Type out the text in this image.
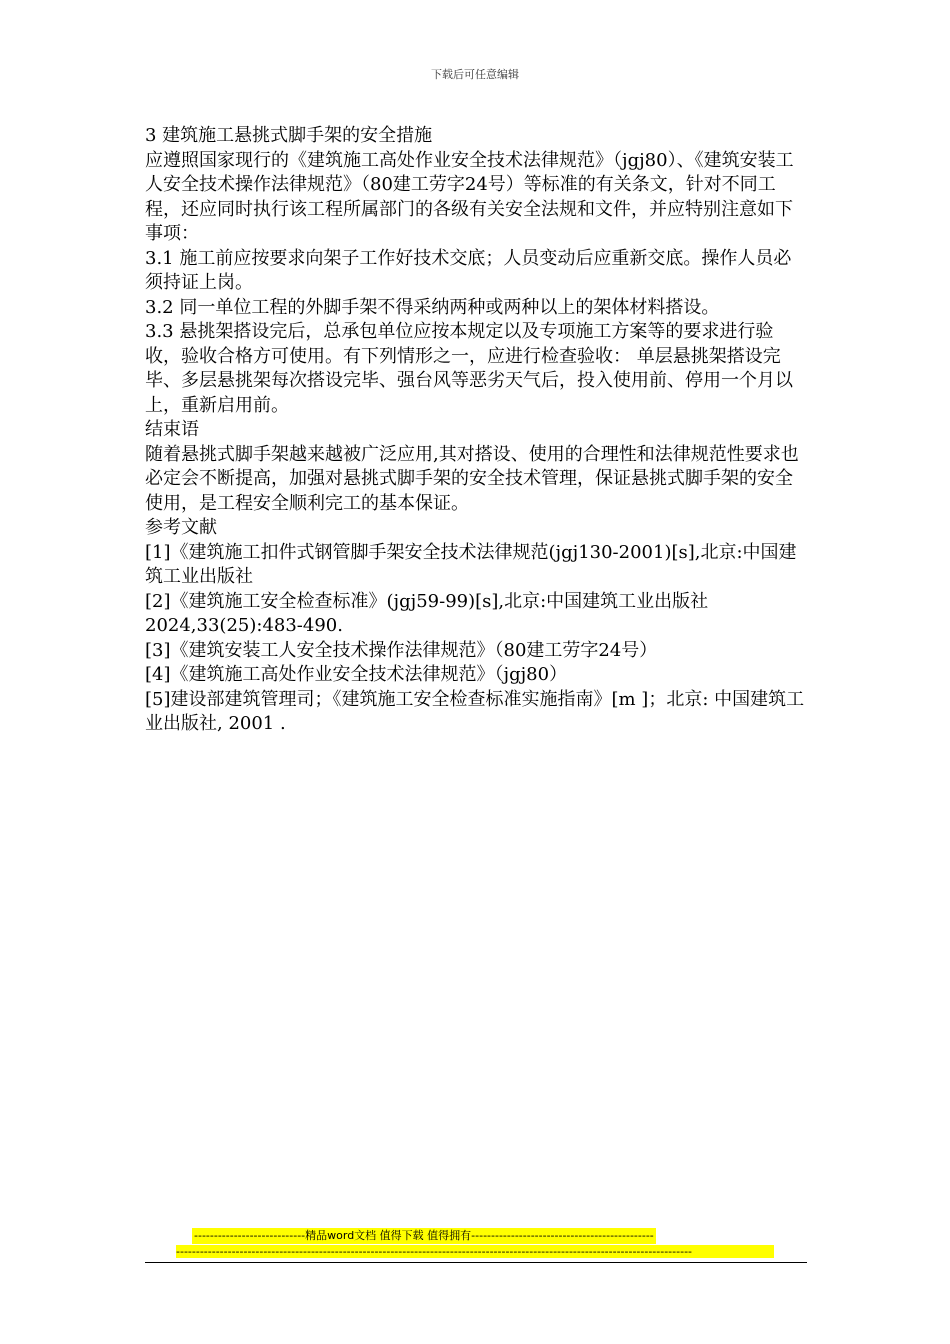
下载后可任意编辑

3 建筑施工悬挑式脚手架的安全措施

应遵照国家现行的《建筑施工高处作业安全技术法律规范》（jgj80）、《建筑安装工人安全技术操作法律规范》（80建工劳字24号）等标准的有关条文，针对不同工程，还应同时执行该工程所属部门的各级有关安全法规和文件，并应特别注意如下事项：

3.1 施工前应按要求向架子工作好技术交底；人员变动后应重新交底。操作人员必须持证上岗。

3.2 同一单位工程的外脚手架不得采纳两种或两种以上的架体材料搭设。

3.3 悬挑架搭设完后，总承包单位应按本规定以及专项施工方案等的要求进行验收，验收合格方可使用。有下列情形之一，应进行检查验收： 单层悬挑架搭设完毕、多层悬挑架每次搭设完毕、强台风等恶劣天气后，投入使用前、停用一个月以上，重新启用前。

结束语

随着悬挑式脚手架越来越被广泛应用,其对搭设、使用的合理性和法律规范性要求也必定会不断提高，加强对悬挑式脚手架的安全技术管理，保证悬挑式脚手架的安全使用，是工程安全顺利完工的基本保证。

参考文献

[1]《建筑施工扣件式钢管脚手架安全技术法律规范(jgj130-2001)[s],北京:中国建筑工业出版社

[2]《建筑施工安全检查标准》(jgj59-99)[s],北京:中国建筑工业出版社2024,33(25):483-490.

[3]《建筑安装工人安全技术操作法律规范》（80建工劳字24号）

[4]《建筑施工高处作业安全技术法律规范》（jgj80）

[5]建设部建筑管理司；《建筑施工安全检查标准实施指南》[m ]；北京: 中国建筑工业出版社, 2001 .

----------------------------精品word文档 值得下载 值得拥有----------------------------------------------
----------------------------------------------------------------------------------------------------------------------------------
